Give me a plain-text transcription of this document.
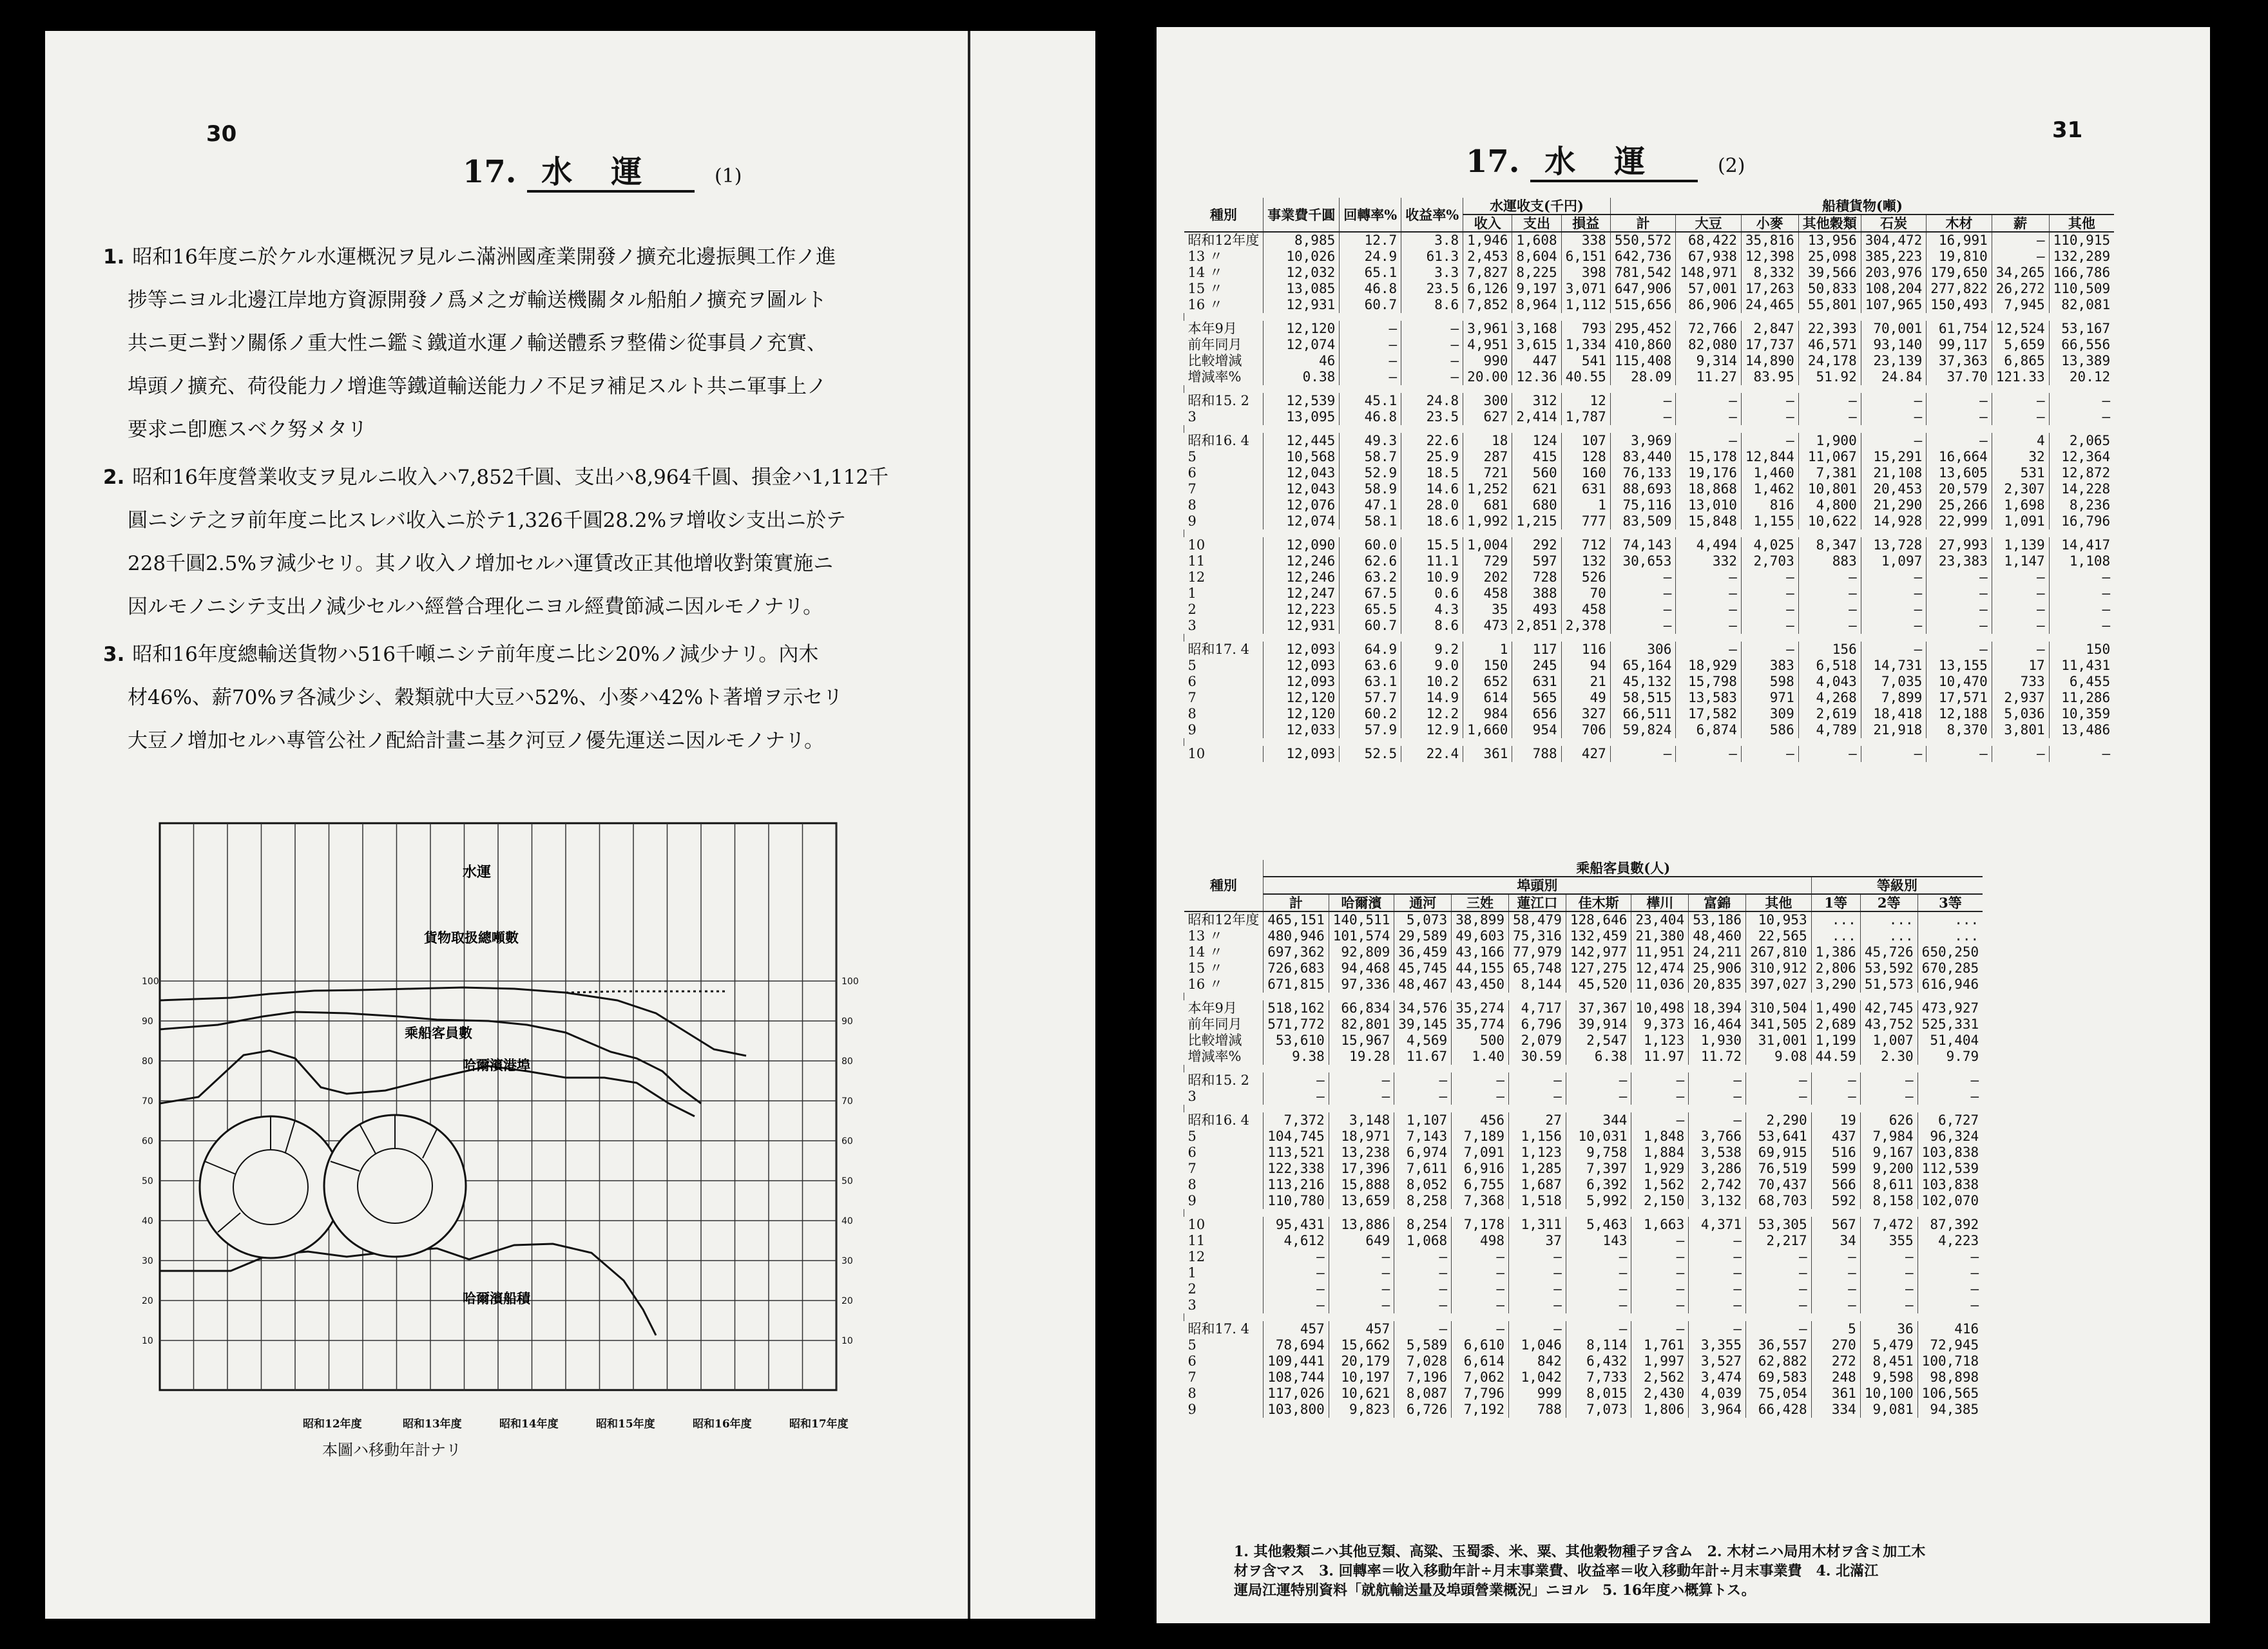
30
17. 水運 (1)
1. 昭和16年度ニ於ケル水運概況ヲ見ルニ滿洲國產業開發ノ擴充北邊振興工作ノ進
捗等ニヨル北邊江岸地方資源開發ノ爲メ之ガ輸送機關タル船舶ノ擴充ヲ圖ルト
共ニ更ニ對ソ關係ノ重大性ニ鑑ミ鐵道水運ノ輸送體系ヲ整備シ從事員ノ充實、
埠頭ノ擴充、荷役能力ノ增進等鐵道輸送能力ノ不足ヲ補足スルト共ニ軍事上ノ
要求ニ卽應スベク努メタリ
2. 昭和16年度營業收支ヲ見ルニ收入ハ7,852千圓、支出ハ8,964千圓、損金ハ1,112千
圓ニシテ之ヲ前年度ニ比スレバ收入ニ於テ1,326千圓28.2%ヲ增收シ支出ニ於テ
228千圓2.5%ヲ減少セリ。其ノ收入ノ增加セルハ運賃改正其他增收對策實施ニ
因ルモノニシテ支出ノ減少セルハ經營合理化ニヨル經費節減ニ因ルモノナリ。
3. 昭和16年度總輸送貨物ハ516千噸ニシテ前年度ニ比シ20%ノ減少ナリ。內木
材46%、薪70%ヲ各減少シ、穀類就中大豆ハ52%、小麥ハ42%ト著增ヲ示セリ
大豆ノ增加セルハ專管公社ノ配給計畫ニ基ク河豆ノ優先運送ニ因ルモノナリ。
100	100
90	90
80	80
70	70
60	60
50	50
40	40
30	30
20	20
10	10
水運
貨物取扱總噸數
乘船客員數
哈爾濱港埠
哈爾濱船積
昭和12年度	昭和13年度	昭和14年度	昭和15年度	昭和16年度	昭和17年度
本圖ハ移動年計ナリ
31
17. 水運 (2)
種別	事業費千圓	回轉率%	收益率%	水運收支(千円)			船積貨物(噸)							
				收入	支出	損益	計	大豆	小麥	其他穀類	石炭	木材	薪	其他
昭和12年度	8,985	12.7	3.8	1,946	1,608	338	550,572	68,422	35,816	13,956	304,472	16,991	—	110,915
13 〃	10,026	24.9	61.3	2,453	8,604	6,151	642,736	67,938	12,398	25,098	385,223	19,810	—	132,289
14 〃	12,032	65.1	3.3	7,827	8,225	398	781,542	148,971	8,332	39,566	203,976	179,650	34,265	166,786
15 〃	13,085	46.8	23.5	6,126	9,197	3,071	647,906	57,001	17,263	50,833	108,204	277,822	26,272	110,509
16 〃	12,931	60.7	8.6	7,852	8,964	1,112	515,656	86,906	24,465	55,801	107,965	150,493	7,945	82,081

本年9月	12,120	—	—	3,961	3,168	793	295,452	72,766	2,847	22,393	70,001	61,754	12,524	53,167
前年同月	12,074	—	—	4,951	3,615	1,334	410,860	82,080	17,737	46,571	93,140	99,117	5,659	66,556
比較增減	46	—	—	990	447	541	115,408	9,314	14,890	24,178	23,139	37,363	6,865	13,389
增減率%	0.38	—	—	20.00	12.36	40.55	28.09	11.27	83.95	51.92	24.84	37.70	121.33	20.12

昭和15. 2	12,539	45.1	24.8	300	312	12	—	—	—	—	—	—	—	—
3	13,095	46.8	23.5	627	2,414	1,787	—	—	—	—	—	—	—	—

昭和16. 4	12,445	49.3	22.6	18	124	107	3,969	—	—	1,900	—	—	4	2,065
5	10,568	58.7	25.9	287	415	128	83,440	15,178	12,844	11,067	15,291	16,664	32	12,364
6	12,043	52.9	18.5	721	560	160	76,133	19,176	1,460	7,381	21,108	13,605	531	12,872
7	12,043	58.9	14.6	1,252	621	631	88,693	18,868	1,462	10,801	20,453	20,579	2,307	14,228
8	12,076	47.1	28.0	681	680	1	75,116	13,010	816	4,800	21,290	25,266	1,698	8,236
9	12,074	58.1	18.6	1,992	1,215	777	83,509	15,848	1,155	10,622	14,928	22,999	1,091	16,796

10	12,090	60.0	15.5	1,004	292	712	74,143	4,494	4,025	8,347	13,728	27,993	1,139	14,417
11	12,246	62.6	11.1	729	597	132	30,653	332	2,703	883	1,097	23,383	1,147	1,108
12	12,246	63.2	10.9	202	728	526	—	—	—	—	—	—	—	—
1	12,247	67.5	0.6	458	388	70	—	—	—	—	—	—	—	—
2	12,223	65.5	4.3	35	493	458	—	—	—	—	—	—	—	—
3	12,931	60.7	8.6	473	2,851	2,378	—	—	—	—	—	—	—	—

昭和17. 4	12,093	64.9	9.2	1	117	116	306	—	—	156	—	—	—	150
5	12,093	63.6	9.0	150	245	94	65,164	18,929	383	6,518	14,731	13,155	17	11,431
6	12,093	63.1	10.2	652	631	21	45,132	15,798	598	4,043	7,035	10,470	733	6,455
7	12,120	57.7	14.9	614	565	49	58,515	13,583	971	4,268	7,899	17,571	2,937	11,286
8	12,120	60.2	12.2	984	656	327	66,511	17,582	309	2,619	18,418	12,188	5,036	10,359
9	12,033	57.9	12.9	1,660	954	706	59,824	6,874	586	4,789	21,918	8,370	3,801	13,486

10	12,093	52.5	22.4	361	788	427	—	—	—	—	—	—	—	—
種別	乘船客員數(人)											
	埠頭別									等級別		
	計	哈爾濱	通河	三姓	蓮江口	佳木斯	樺川	富錦	其他	1等	2等	3等
昭和12年度	465,151	140,511	5,073	38,899	58,479	128,646	23,404	53,186	10,953	...	...	...
13 〃	480,946	101,574	29,589	49,603	75,316	132,459	21,380	48,460	22,565	...	...	...
14 〃	697,362	92,809	36,459	43,166	77,979	142,977	11,951	24,211	267,810	1,386	45,726	650,250
15 〃	726,683	94,468	45,745	44,155	65,748	127,275	12,474	25,906	310,912	2,806	53,592	670,285
16 〃	671,815	97,336	48,467	43,450	8,144	45,520	11,036	20,835	397,027	3,290	51,573	616,946

本年9月	518,162	66,834	34,576	35,274	4,717	37,367	10,498	18,394	310,504	1,490	42,745	473,927
前年同月	571,772	82,801	39,145	35,774	6,796	39,914	9,373	16,464	341,505	2,689	43,752	525,331
比較增減	53,610	15,967	4,569	500	2,079	2,547	1,123	1,930	31,001	1,199	1,007	51,404
增減率%	9.38	19.28	11.67	1.40	30.59	6.38	11.97	11.72	9.08	44.59	2.30	9.79

昭和15. 2	—	—	—	—	—	—	—	—	—	—	—	—
3	—	—	—	—	—	—	—	—	—	—	—	—

昭和16. 4	7,372	3,148	1,107	456	27	344	—	—	2,290	19	626	6,727
5	104,745	18,971	7,143	7,189	1,156	10,031	1,848	3,766	53,641	437	7,984	96,324
6	113,521	13,238	6,974	7,091	1,123	9,758	1,884	3,538	69,915	516	9,167	103,838
7	122,338	17,396	7,611	6,916	1,285	7,397	1,929	3,286	76,519	599	9,200	112,539
8	113,216	15,888	8,052	6,755	1,687	6,392	1,562	2,742	70,437	566	8,611	103,838
9	110,780	13,659	8,258	7,368	1,518	5,992	2,150	3,132	68,703	592	8,158	102,070

10	95,431	13,886	8,254	7,178	1,311	5,463	1,663	4,371	53,305	567	7,472	87,392
11	4,612	649	1,068	498	37	143	—	—	2,217	34	355	4,223
12	—	—	—	—	—	—	—	—	—	—	—	—
1	—	—	—	—	—	—	—	—	—	—	—	—
2	—	—	—	—	—	—	—	—	—	—	—	—
3	—	—	—	—	—	—	—	—	—	—	—	—

昭和17. 4	457	457	—	—	—	—	—	—	—	5	36	416
5	78,694	15,662	5,589	6,610	1,046	8,114	1,761	3,355	36,557	270	5,479	72,945
6	109,441	20,179	7,028	6,614	842	6,432	1,997	3,527	62,882	272	8,451	100,718
7	108,744	10,197	7,196	7,062	1,042	7,733	2,562	3,474	69,583	248	9,598	98,898
8	117,026	10,621	8,087	7,796	999	8,015	2,430	4,039	75,054	361	10,100	106,565
9	103,800	9,823	6,726	7,192	788	7,073	1,806	3,964	66,428	334	9,081	94,385
1. 其他穀類ニハ其他豆類、高粱、玉蜀黍、米、粟、其他穀物種子ヲ含ム　2. 木材ニハ局用木材ヲ含ミ加工木
材ヲ含マス　3. 回轉率＝收入移動年計÷月末事業費、收益率＝收入移動年計÷月末事業費　4. 北滿江
運局江運特別資料「就航輸送量及埠頭營業概況」ニヨル　5. 16年度ハ概算トス。
